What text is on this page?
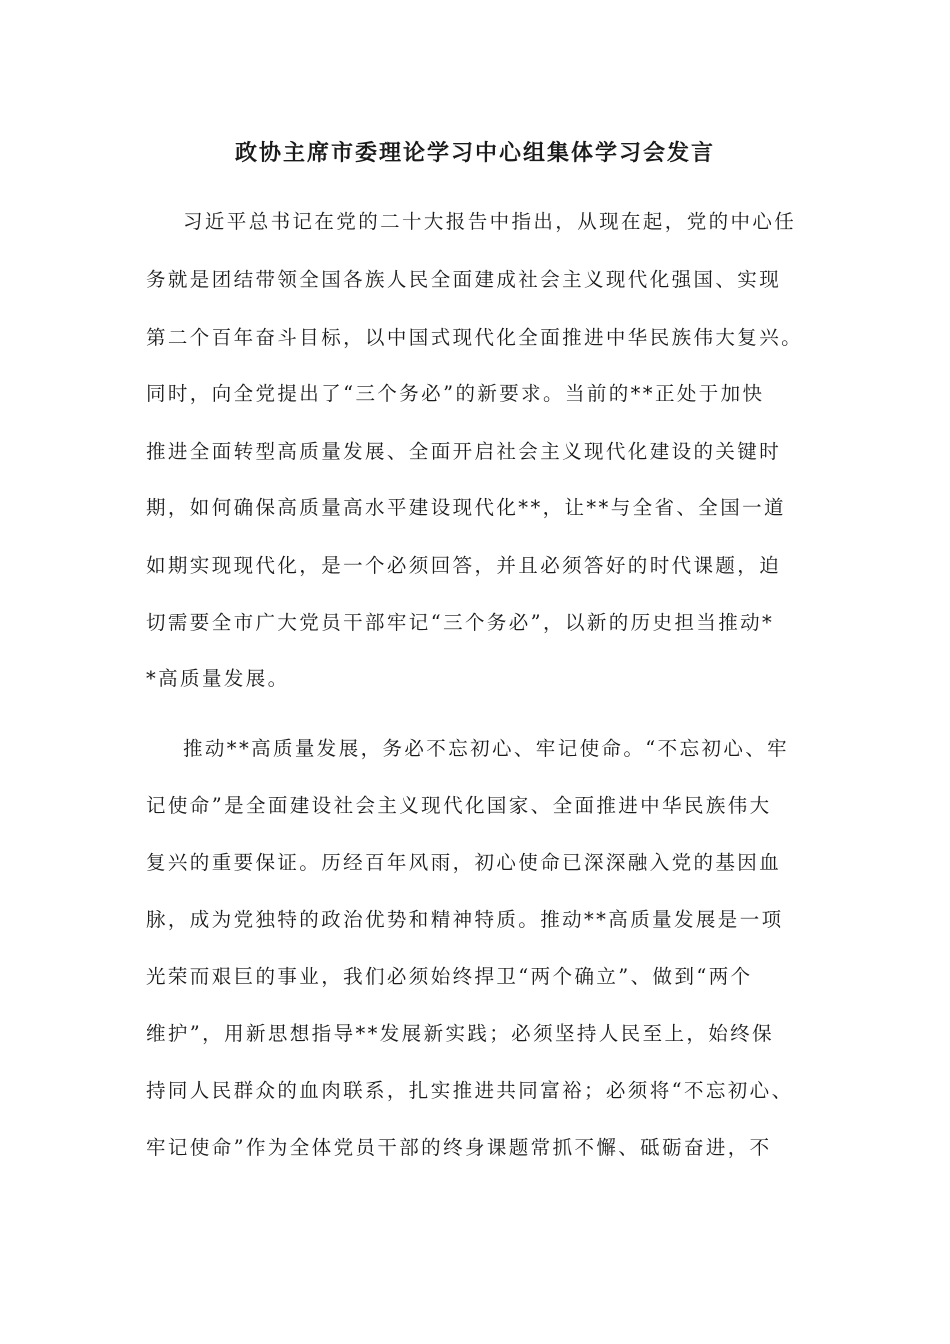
政协主席市委理论学习中心组集体学习会发言
习近平总书记在党的二十大报告中指出，从现在起，党的中心任
务就是团结带领全国各族人民全面建成社会主义现代化强国、实现
第二个百年奋斗目标，以中国式现代化全面推进中华民族伟大复兴。
同时，向全党提出了“三个务必”的新要求。当前的**正处于加快
推进全面转型高质量发展、全面开启社会主义现代化建设的关键时
期，如何确保高质量高水平建设现代化**，让**与全省、全国一道
如期实现现代化，是一个必须回答，并且必须答好的时代课题，迫
切需要全市广大党员干部牢记“三个务必”，以新的历史担当推动*
*高质量发展。
推动**高质量发展，务必不忘初心、牢记使命。“不忘初心、牢
记使命”是全面建设社会主义现代化国家、全面推进中华民族伟大
复兴的重要保证。历经百年风雨，初心使命已深深融入党的基因血
脉，成为党独特的政治优势和精神特质。推动**高质量发展是一项
光荣而艰巨的事业，我们必须始终捍卫“两个确立”、做到“两个
维护”，用新思想指导**发展新实践；必须坚持人民至上，始终保
持同人民群众的血肉联系，扎实推进共同富裕；必须将“不忘初心、
牢记使命”作为全体党员干部的终身课题常抓不懈、砥砺奋进，不
